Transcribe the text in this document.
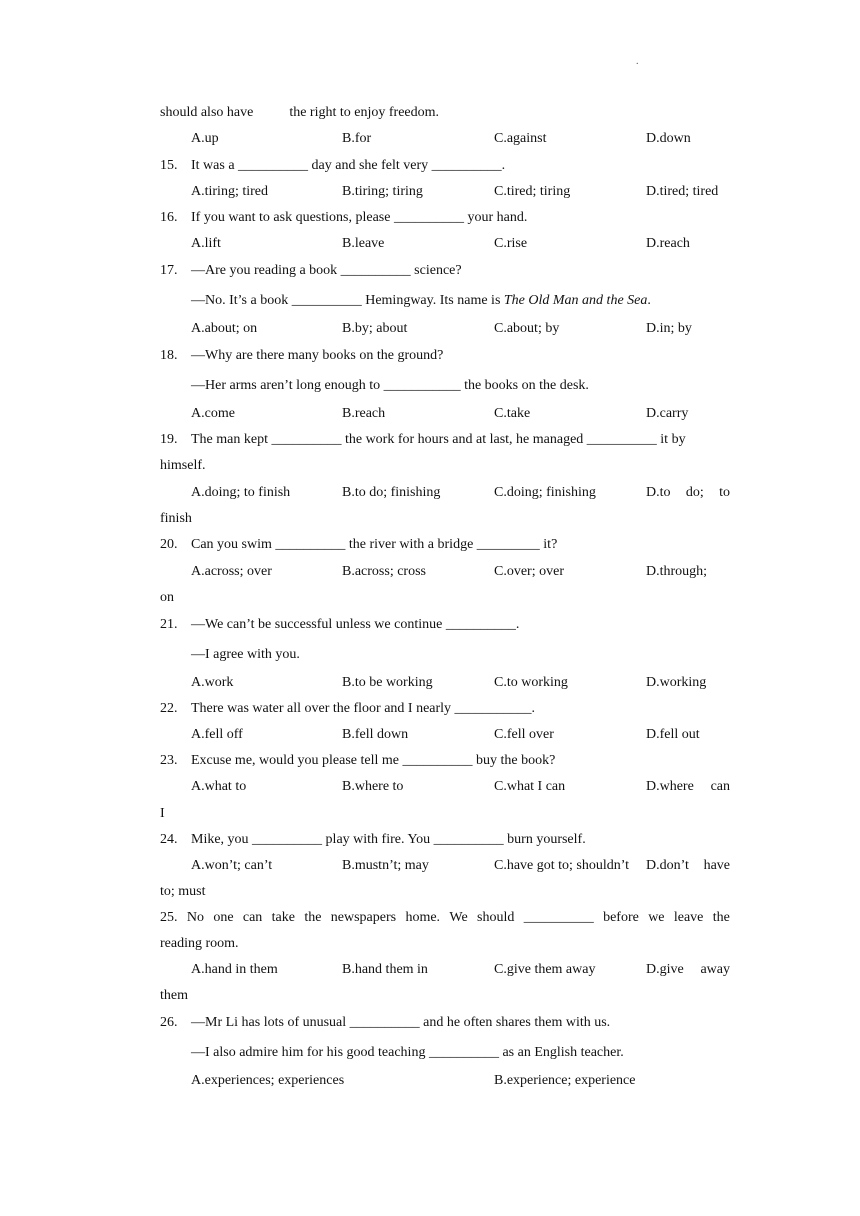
.
should also have	the right to enjoy freedom.
A.up	B.for	C.against	D.down
15. It was a __________ day and she felt very __________.
A.tiring; tired	B.tiring; tiring	C.tired; tiring	D.tired; tired
16. If you want to ask questions, please __________ your hand.
A.lift	B.leave	C.rise	D.reach
17. —Are you reading a book __________ science?
—No. It’s a book __________ Hemingway. Its name is The Old Man and the Sea.
A.about; on	B.by; about	C.about; by	D.in; by
18. —Why are there many books on the ground?
—Her arms aren’t long enough to ___________ the books on the desk.
A.come	B.reach	C.take	D.carry
19. The man kept __________ the work for hours and at last, he managed __________ it by
himself.
A.doing; to finish	B.to do; finishing	C.doing; finishing	D.to do; to
finish
20. Can you swim __________ the river with a bridge _________ it?
A.across; over	B.across; cross	C.over; over	D.through;
on
21. —We can’t be successful unless we continue __________.
—I agree with you.
A.work	B.to be working	C.to working	D.working
22. There was water all over the floor and I nearly ___________.
A.fell off	B.fell down	C.fell over	D.fell out
23. Excuse me, would you please tell me __________ buy the book?
A.what to	B.where to	C.what I can	D.where can
I
24. Mike, you __________ play with fire. You __________ burn yourself.
A.won’t; can’t	B.mustn’t; may	C.have got to; shouldn’t D.don’t have
to; must
25. No one can take the newspapers home. We should __________ before we leave the
reading room.
A.hand in them	B.hand them in	C.give them away	D.give away
them
26. —Mr Li has lots of unusual __________ and he often shares them with us.
—I also admire him for his good teaching __________ as an English teacher.
A.experiences; experiences	B.experience; experience
